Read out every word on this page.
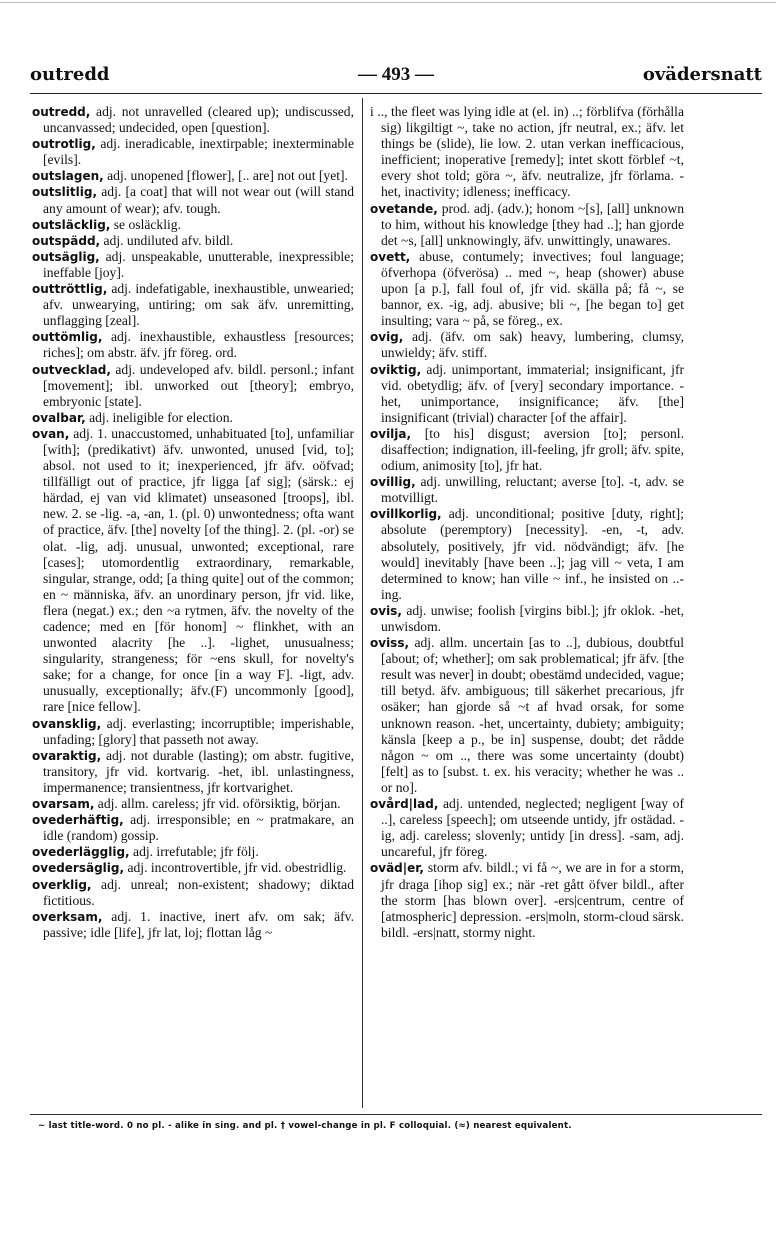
outredd	— 493 —	ovädersnatt
outredd, adj. not unravelled (cleared up); undiscussed, uncanvassed; undecided, open [question].
outrotlig, adj. ineradicable, inextirpable; inexterminable [evils].
outslagen, adj. unopened [flower], [.. are] not out [yet].
outslitlig, adj. [a coat] that will not wear out (will stand any amount of wear); afv. tough.
outsläcklig, se osläcklig.
outspädd, adj. undiluted afv. bildl.
outsäglig, adj. unspeakable, unutterable, inexpressible; ineffable [joy].
outtröttlig, adj. indefatigable, inexhaustible, unwearied; afv. unwearying, untiring; om sak äfv. unremitting, unflagging [zeal].
outtömlig, adj. inexhaustible, exhaustless [resources; riches]; om abstr. äfv. jfr föreg. ord.
outvecklad, adj. undeveloped afv. bildl. personl.; infant [movement]; ibl. unworked out [theory]; embryo, embryonic [state].
ovalbar, adj. ineligible for election.
ovan, adj. 1. unaccustomed, unhabituated [to], unfamiliar [with]; (predikativt) äfv. unwonted, unused [vid, to]; absol. not used to it; inexperienced, jfr äfv. oöfvad; tillfälligt out of practice, jfr ligga [af sig]; (särsk.: ej härdad, ej van vid klimatet) unseasoned [troops], ibl. new. 2. se -lig. -a, -an, 1. (pl. 0) unwontedness; ofta want of practice, äfv. [the] novelty [of the thing]. 2. (pl. -or) se olat. -lig, adj. unusual, unwonted; exceptional, rare [cases]; utomordentlig extraordinary, remarkable, singular, strange, odd; [a thing quite] out of the common; en ~ människa, äfv. an unordinary person, jfr vid. like, flera (negat.) ex.; den ~a rytmen, äfv. the novelty of the cadence; med en [för honom] ~ flinkhet, with an unwonted alacrity [he ..]. -lighet, unusualness; singularity, strangeness; för ~ens skull, for novelty's sake; for a change, for once [in a way F]. -ligt, adv. unusually, exceptionally; äfv.(F) uncommonly [good], rare [nice fellow].
ovansklig, adj. everlasting; incorruptible; imperishable, unfading; [glory] that passeth not away.
ovaraktig, adj. not durable (lasting); om abstr. fugitive, transitory, jfr vid. kortvarig. -het, ibl. unlastingness, impermanence; transientness, jfr kortvarighet.
ovarsam, adj. allm. careless; jfr vid. oförsiktig, början.
ovederhäftig, adj. irresponsible; en ~ pratmakare, an idle (random) gossip.
ovederlägglig, adj. irrefutable; jfr följ.
ovedersäglig, adj. incontrovertible, jfr vid. obestridlig.
overklig, adj. unreal; non-existent; shadowy; diktad fictitious.
overksam, adj. 1. inactive, inert afv. om sak; äfv. passive; idle [life], jfr lat, loj; flottan låg ~
i .., the fleet was lying idle at (el. in) ..; förblifva (förhålla sig) likgiltigt ~, take no action, jfr neutral, ex.; äfv. let things be (slide), lie low. 2. utan verkan inefficacious, inefficient; inoperative [remedy]; intet skott förblef ~t, every shot told; göra ~, äfv. neutralize, jfr förlama. -het, inactivity; idleness; inefficacy.
ovetande, prod. adj. (adv.); honom ~[s], [all] unknown to him, without his knowledge [they had ..]; han gjorde det ~s, [all] unknowingly, äfv. unwittingly, unawares.
ovett, abuse, contumely; invectives; foul language; öfverhopa (öfverösa) .. med ~, heap (shower) abuse upon [a p.], fall foul of, jfr vid. skälla på; få ~, se bannor, ex. -ig, adj. abusive; bli ~, [he began to] get insulting; vara ~ på, se föreg., ex.
ovig, adj. (äfv. om sak) heavy, lumbering, clumsy, unwieldy; äfv. stiff.
oviktig, adj. unimportant, immaterial; insignificant, jfr vid. obetydlig; äfv. of [very] secondary importance. -het, unimportance, insignificance; äfv. [the] insignificant (trivial) character [of the affair].
ovilja, [to his] disgust; aversion [to]; personl. disaffection; indignation, ill-feeling, jfr groll; äfv. spite, odium, animosity [to], jfr hat.
ovillig, adj. unwilling, reluctant; averse [to]. -t, adv. se motvilligt.
ovillkorlig, adj. unconditional; positive [duty, right]; absolute (peremptory) [necessity]. -en, -t, adv. absolutely, positively, jfr vid. nödvändigt; äfv. [he would] inevitably [have been ..]; jag vill ~ veta, I am determined to know; han ville ~ inf., he insisted on ..-ing.
ovis, adj. unwise; foolish [virgins bibl.]; jfr oklok. -het, unwisdom.
oviss, adj. allm. uncertain [as to ..], dubious, doubtful [about; of; whether]; om sak problematical; jfr äfv. [the result was never] in doubt; obestämd undecided, vague; till betyd. äfv. ambiguous; till säkerhet precarious, jfr osäker; han gjorde så ~t af hvad orsak, for some unknown reason. -het, uncertainty, dubiety; ambiguity; känsla [keep a p., be in] suspense, doubt; det rådde någon ~ om .., there was some uncertainty (doubt) [felt] as to [subst. t. ex. his veracity; whether he was .. or no].
ovård|lad, adj. untended, neglected; negligent [way of ..], careless [speech]; om utseende untidy, jfr ostädad. -ig, adj. careless; slovenly; untidy [in dress]. -sam, adj. uncareful, jfr föreg.
oväd|er, storm afv. bildl.; vi få ~, we are in for a storm, jfr draga [ihop sig] ex.; när -ret gått öfver bildl., after the storm [has blown over]. -ers|centrum, centre of [atmospheric] depression. -ers|moln, storm-cloud särsk. bildl. -ers|natt, stormy night.
~ last title-word. 0 no pl. - alike in sing. and pl. † vowel-change in pl. F colloquial. (≈) nearest equivalent.
